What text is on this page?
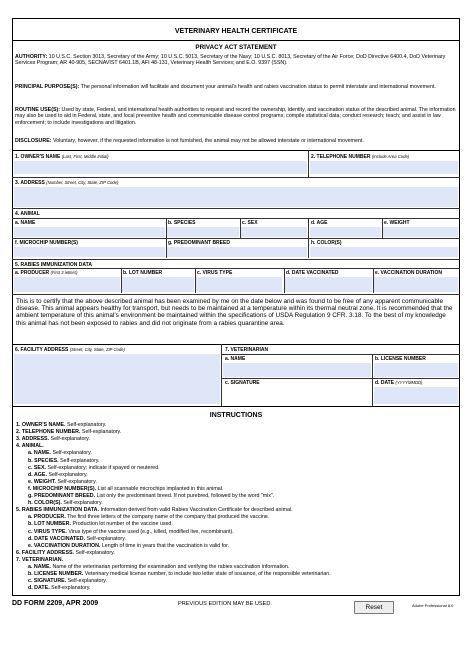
VETERINARY HEALTH CERTIFICATE
PRIVACY ACT STATEMENT
AUTHORITY: 10 U.S.C. Section 3013, Secretary of the Army; 10 U.S.C. 5013, Secretary of the Navy; 10 U.S.C. 8013, Secretary of the Air Force; DoD Directive 6400.4, DoD Veterinary Services Program; AR 40-905, SECNAVIST 6401.1B, AFI 48-131, Veterinary Health Services; and E.O. 9397 (SSN).
PRINCIPAL PURPOSE(S): The personal information will facilitate and document your animal's health and rabies vaccination status to permit interstate and international movement.
ROUTINE USE(S): Used by state, Federal, and international health authorities to request and record the ownership, identity, and vaccination status of the described animal. The information may also be used to aid in Federal, state, and local preventive health and communicable disease control programs; compile statistical data; conduct research; teach; and assist in law enforcement; to include investigations and litigation.
DISCLOSURE: Voluntary, however, if the requested information is not furnished, the animal may not be allowed interstate or international movement.
1. OWNER'S NAME (Last, First, Middle Initial)	2. TELEPHONE NUMBER (Include Area Code)
3. ADDRESS (Number, Street, City, State, ZIP Code)
4. ANIMAL
a. NAME	b. SPECIES	c. SEX	d. AGE	e. WEIGHT
f. MICROCHIP NUMBER(S)	g. PREDOMINANT BREED	h. COLOR(S)
5. RABIES IMMUNIZATION DATA
a. PRODUCER (First 3 letters)	b. LOT NUMBER	c. VIRUS TYPE	d. DATE VACCINATED	e. VACCINATION DURATION
This is to certify that the above described animal has been examined by me on the date below and was found to be free of any apparent communicable disease. This animal appears healthy for transport, but needs to be maintained at a temperature within its thermal neutral zone. It is recommended that the ambient temperature of this animal's environment be maintained within the specifications of USDA Regulation 9 CFR. 3.18. To the best of my knowledge this animal has not been exposed to rabies and did not originate from a rabies quarantine area.
6. FACILITY ADDRESS (Street, City, State, ZIP Code)	7. VETERINARIAN
a. NAME	b. LICENSE NUMBER
c. SIGNATURE	d. DATE (YYYYMMDD)
INSTRUCTIONS
1. OWNER'S NAME. Self-explanatory.
2. TELEPHONE NUMBER. Self-explanatory.
3. ADDRESS. Self-explanatory.
4. ANIMAL.
a. NAME. Self-explanatory.
b. SPECIES. Self-explanatory.
c. SEX. Self-explanatory; indicate if spayed or neutered.
d. AGE. Self-explanatory.
e. WEIGHT. Self-explanatory.
f. MICROCHIP NUMBER(S). List all scannable microchips implanted in this animal.
g. PREDOMINANT BREED. List only the predominant breed. If not purebred, followed by the word "mix".
h. COLOR(S). Self-explanatory.
5. RABIES IMMUNIZATION DATA. Information derived from valid Rabies Vaccination Certificate for described animal.
a. PRODUCER. The first three letters of the company name of the company that produced the vaccine.
b. LOT NUMBER. Production lot number of the vaccine used.
c. VIRUS TYPE. Virus type of the vaccine used (e.g., killed, modified live, recombinant).
d. DATE VACCINATED. Self-explanatory.
e. VACCINATION DURATION. Length of time in years that the vaccination is valid for.
6. FACILITY ADDRESS. Self-explanatory.
7. VETERINARIAN.
a. NAME. Name of the veterinarian performing the examination and verifying the rabies vaccination information.
b. LICENSE NUMBER. Veterinary medical license number, to include two letter state of issuance, of the responsible veterinarian.
c. SIGNATURE. Self-explanatory.
d. DATE. Self-explanatory.
DD FORM 2209, APR 2009	PREVIOUS EDITION MAY BE USED.	Reset	Adobe Professional 8.0
